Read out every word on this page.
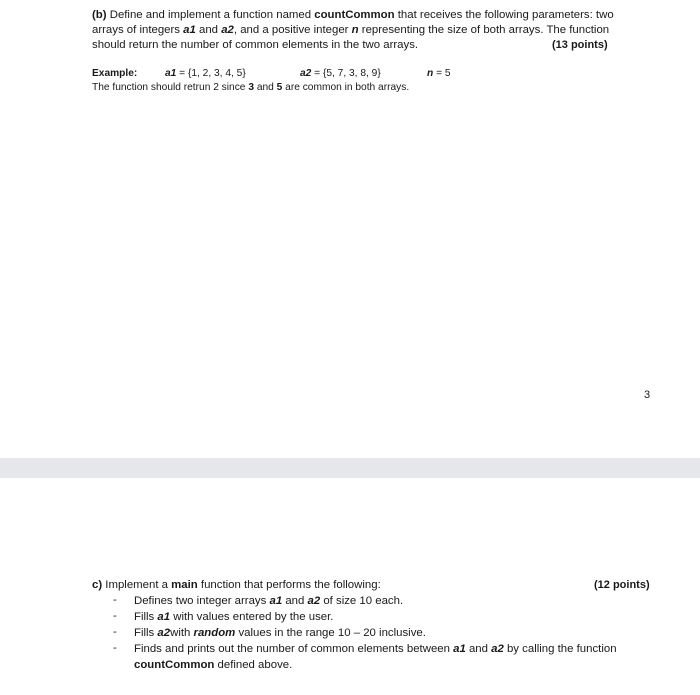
(b) Define and implement a function named countCommon that receives the following parameters: two
arrays of integers a1 and a2, and a positive integer n representing the size of both arrays. The function
should return the number of common elements in the two arrays.	(13 points)
Example:	a1 = {1, 2, 3, 4, 5}	a2 = {5, 7, 3, 8, 9}	n = 5
The function should retrun 2 since 3 and 5 are common in both arrays.
3
c) Implement a main function that performs the following:	(12 points)
- Defines two integer arrays a1 and a2 of size 10 each.
- Fills a1 with values entered by the user.
- Fills a2with random values in the range 10 – 20 inclusive.
- Finds and prints out the number of common elements between a1 and a2 by calling the function
countCommon defined above.
